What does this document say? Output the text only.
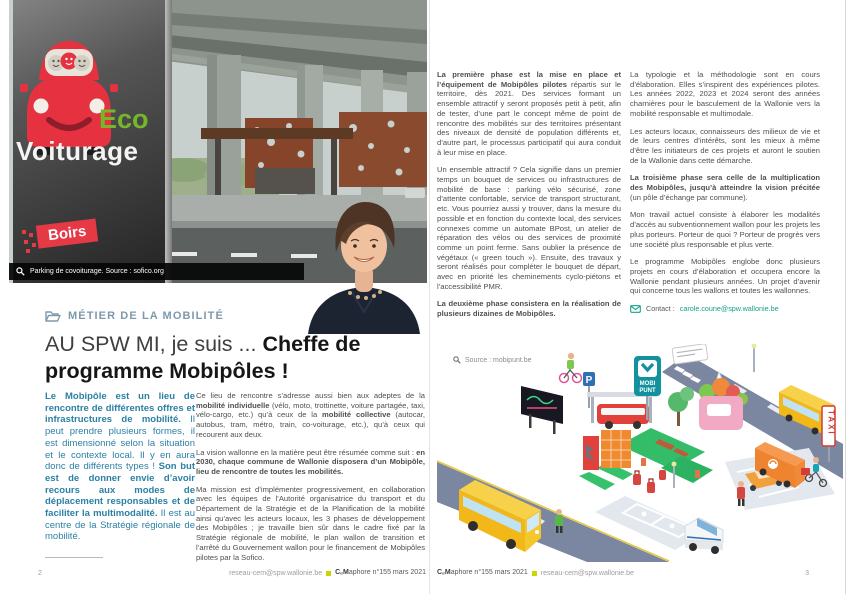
Eco
Voiturage
Boirs
Parking de covoiturage. Source : sofico.org
MÉTIER DE LA MOBILITÉ
AU SPW MI, je suis ... Cheffe de programme Mobipôles !
Le Mobipôle est un lieu de rencontre de différentes offres et infrastructures de mobilité. Il peut prendre plusieurs formes, il est dimensionné selon la situation et le contexte local. Il y en aura donc de différents types ! Son but est de donner envie d’avoir recours aux modes de déplacement responsables et de faciliter la multimodalité. Il est au centre de la Stratégie régionale de mobilité.

Ce lieu de rencontre s’adresse aussi bien aux adeptes de la mobilité individuelle (vélo, moto, trottinette, voiture partagée, taxi, vélo-cargo, etc.) qu’à ceux de la mobilité collective (autocar, autobus, tram, métro, train, co-voiturage, etc.), qu’à ceux qui recourent aux deux.

La vision wallonne en la matière peut être résumée comme suit : en 2030, chaque commune de Wallonie disposera d’un Mobipôle, lieu de rencontre de toutes les mobilités.

Ma mission est d’implémenter progressivement, en collaboration avec les équipes de l’Autorité organisatrice du transport et du Département de la Stratégie et de la Planification de la mobilité ainsi qu’avec les acteurs locaux, les 3 phases de développement des Mobipôles ; je travaille bien sûr dans le cadre fixé par la Stratégie régionale de mobilité, le plan wallon de transition et l’arrêté du Gouvernement wallon pour le financement de Mobipôles pilotes par la Sofico.

2	reseau-cem@spw.wallonie.be $C_eMaphore$ n°155 mars 2021

La première phase est la mise en place et l’équipement de Mobipôles pilotes répartis sur le territoire, dès 2021. Des services formant un ensemble attractif y seront proposés petit à petit, afin de tester, d’une part le concept même de point de rencontre des mobilités sur des territoires présentant des niveaux de densité de population différents et, d’autre part, le processus participatif qui aura conduit à leur mise en place.

Un ensemble attractif ? Cela signifie dans un premier temps un bouquet de services ou infrastructures de mobilité de base : parking vélo sécurisé, zone d’attente confortable, service de transport structurant, etc. Vous pourriez aussi y trouver, dans la mesure du possible et en fonction du contexte local, des services connexes comme un automate BPost, un atelier de réparation des vélos ou des services de proximité comme un point ferme. Sans oublier la présence de végétaux (« green touch »). Ensuite, des travaux y seront réalisés pour compléter le bouquet de départ, avec en priorité les cheminements cyclo-piétons et l’accessibilité PMR.

La deuxième phase consistera en la réalisation de plusieurs dizaines de Mobipôles.

La typologie et la méthodologie sont en cours d’élaboration. Elles s’inspirent des expériences pilotes. Les années 2022, 2023 et 2024 seront des années charnières pour le basculement de la Wallonie vers la mobilité responsable et multimodale.

Les acteurs locaux, connaisseurs des milieux de vie et de leurs centres d’intérêts, sont les mieux à même d’être les initiateurs de ces projets et auront le soutien de la Wallonie dans cette démarche.

La troisième phase sera celle de la multiplication des Mobipôles, jusqu’à atteindre la vision précitée (un pôle d’échange par commune).

Mon travail actuel consiste à élaborer les modalités d’accès au subventionnement wallon pour les projets les plus porteurs. Porteur de quoi ? Porteur de progrès vers une société plus responsable et plus verte.

Le programme Mobipôles englobe donc plusieurs projets en cours d’élaboration et occupera encore la Wallonie pendant plusieurs années. Un projet d’avenir qui concerne tous les wallons et toutes les wallonnes.

Contact : carole.coune@spw.wallonie.be
Source : mobipunt.be
P	MOBI
PUNT
TAXI
$C_eMaphore$ n°155 mars 2021 reseau-cem@spw.wallonie.be	3
